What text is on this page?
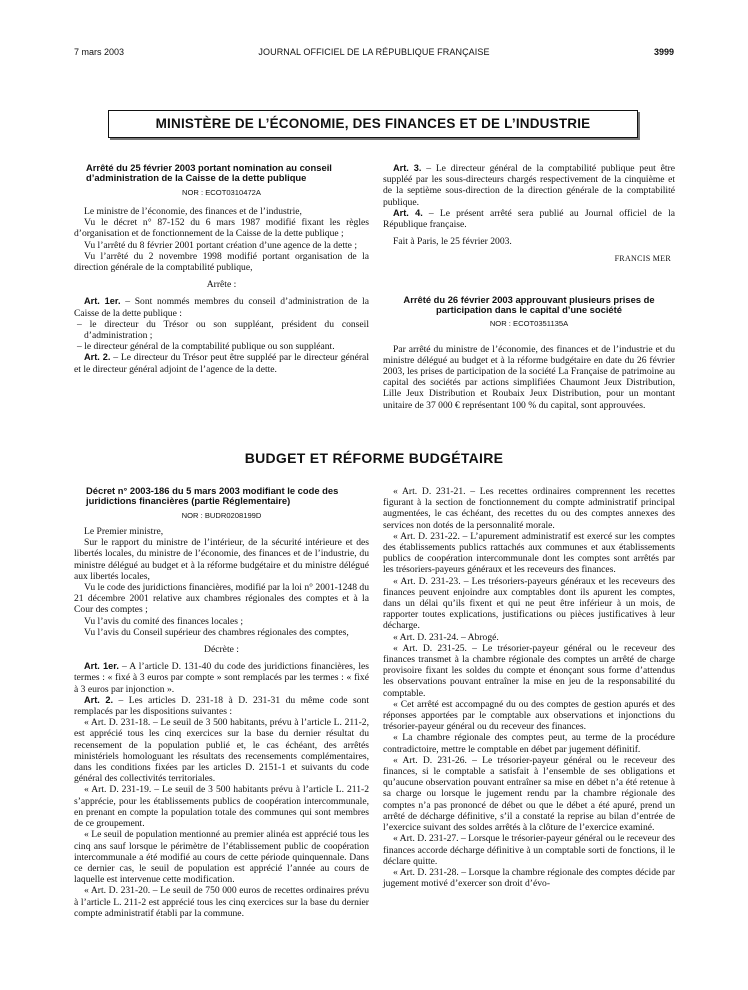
7 mars 2003	JOURNAL OFFICIEL DE LA RÉPUBLIQUE FRANÇAISE	3999
MINISTÈRE DE L’ÉCONOMIE, DES FINANCES ET DE L’INDUSTRIE
Arrêté du 25 février 2003 portant nomination au conseil d’administration de la Caisse de la dette publique
NOR : ECOT0310472A

Le ministre de l’économie, des finances et de l’industrie,

Vu le décret n° 87-152 du 6 mars 1987 modifié fixant les règles d’organisation et de fonctionnement de la Caisse de la dette publique ;

Vu l’arrêté du 8 février 2001 portant création d’une agence de la dette ;

Vu l’arrêté du 2 novembre 1998 modifié portant organisation de la direction générale de la comptabilité publique,

Arrête :

Art. 1er. – Sont nommés membres du conseil d’administration de la Caisse de la dette publique :

– le directeur du Trésor ou son suppléant, président du conseil d’administration ;

– le directeur général de la comptabilité publique ou son suppléant.

Art. 2. – Le directeur du Trésor peut être suppléé par le directeur général et le directeur général adjoint de l’agence de la dette.

Art. 3. – Le directeur général de la comptabilité publique peut être suppléé par les sous-directeurs chargés respectivement de la cinquième et de la septième sous-direction de la direction générale de la comptabilité publique.

Art. 4. – Le présent arrêté sera publié au Journal officiel de la République française.

Fait à Paris, le 25 février 2003.

FRANCIS MER
Arrêté du 26 février 2003 approuvant plusieurs prises de participation dans le capital d’une société
NOR : ECOT0351135A

Par arrêté du ministre de l’économie, des finances et de l’industrie et du ministre délégué au budget et à la réforme budgétaire en date du 26 février 2003, les prises de participation de la société La Française de patrimoine au capital des sociétés par actions simplifiées Chaumont Jeux Distribution, Lille Jeux Distribution et Roubaix Jeux Distribution, pour un montant unitaire de 37 000 € représentant 100 % du capital, sont approuvées.

BUDGET ET RÉFORME BUDGÉTAIRE
Décret n° 2003-186 du 5 mars 2003 modifiant le code des juridictions financières (partie Réglementaire)
NOR : BUDR0208199D

Le Premier ministre,

Sur le rapport du ministre de l’intérieur, de la sécurité intérieure et des libertés locales, du ministre de l’économie, des finances et de l’industrie, du ministre délégué au budget et à la réforme budgétaire et du ministre délégué aux libertés locales,

Vu le code des juridictions financières, modifié par la loi n° 2001-1248 du 21 décembre 2001 relative aux chambres régionales des comptes et à la Cour des comptes ;

Vu l’avis du comité des finances locales ;

Vu l’avis du Conseil supérieur des chambres régionales des comptes,

Décrète :

Art. 1er. – A l’article D. 131-40 du code des juridictions financières, les termes : « fixé à 3 euros par compte » sont remplacés par les termes : « fixé à 3 euros par injonction ».

Art. 2. – Les articles D. 231-18 à D. 231-31 du même code sont remplacés par les dispositions suivantes :

« Art. D. 231-18. – Le seuil de 3 500 habitants, prévu à l’article L. 211-2, est apprécié tous les cinq exercices sur la base du dernier résultat du recensement de la population publié et, le cas échéant, des arrêtés ministériels homologuant les résultats des recensements complémentaires, dans les conditions fixées par les articles D. 2151-1 et suivants du code général des collectivités territoriales.

« Art. D. 231-19. – Le seuil de 3 500 habitants prévu à l’article L. 211-2 s’apprécie, pour les établissements publics de coopération intercommunale, en prenant en compte la population totale des communes qui sont membres de ce groupement.

« Le seuil de population mentionné au premier alinéa est apprécié tous les cinq ans sauf lorsque le périmètre de l’établissement public de coopération intercommunale a été modifié au cours de cette période quinquennale. Dans ce dernier cas, le seuil de population est apprécié l’année au cours de laquelle est intervenue cette modification.

« Art. D. 231-20. – Le seuil de 750 000 euros de recettes ordinaires prévu à l’article L. 211-2 est apprécié tous les cinq exercices sur la base du dernier compte administratif établi par la commune.

« Art. D. 231-21. – Les recettes ordinaires comprennent les recettes figurant à la section de fonctionnement du compte administratif principal augmentées, le cas échéant, des recettes du ou des comptes annexes des services non dotés de la personnalité morale.

« Art. D. 231-22. – L’apurement administratif est exercé sur les comptes des établissements publics rattachés aux communes et aux établissements publics de coopération intercommunale dont les comptes sont arrêtés par les trésoriers-payeurs généraux et les receveurs des finances.

« Art. D. 231-23. – Les trésoriers-payeurs généraux et les receveurs des finances peuvent enjoindre aux comptables dont ils apurent les comptes, dans un délai qu’ils fixent et qui ne peut être inférieur à un mois, de rapporter toutes explications, justifications ou pièces justificatives à leur décharge.

« Art. D. 231-24. – Abrogé.

« Art. D. 231-25. – Le trésorier-payeur général ou le receveur des finances transmet à la chambre régionale des comptes un arrêté de charge provisoire fixant les soldes du compte et énonçant sous forme d’attendus les observations pouvant entraîner la mise en jeu de la responsabilité du comptable.

« Cet arrêté est accompagné du ou des comptes de gestion apurés et des réponses apportées par le comptable aux observations et injonctions du trésorier-payeur général ou du receveur des finances.

« La chambre régionale des comptes peut, au terme de la procédure contradictoire, mettre le comptable en débet par jugement définitif.

« Art. D. 231-26. – Le trésorier-payeur général ou le receveur des finances, si le comptable a satisfait à l’ensemble de ses obligations et qu’aucune observation pouvant entraîner sa mise en débet n’a été retenue à sa charge ou lorsque le jugement rendu par la chambre régionale des comptes n’a pas prononcé de débet ou que le débet a été apuré, prend un arrêté de décharge définitive, s’il a constaté la reprise au bilan d’entrée de l’exercice suivant des soldes arrêtés à la clôture de l’exercice examiné.

« Art. D. 231-27. – Lorsque le trésorier-payeur général ou le receveur des finances accorde décharge définitive à un comptable sorti de fonctions, il le déclare quitte.

« Art. D. 231-28. – Lorsque la chambre régionale des comptes décide par jugement motivé d’exercer son droit d’évo-
